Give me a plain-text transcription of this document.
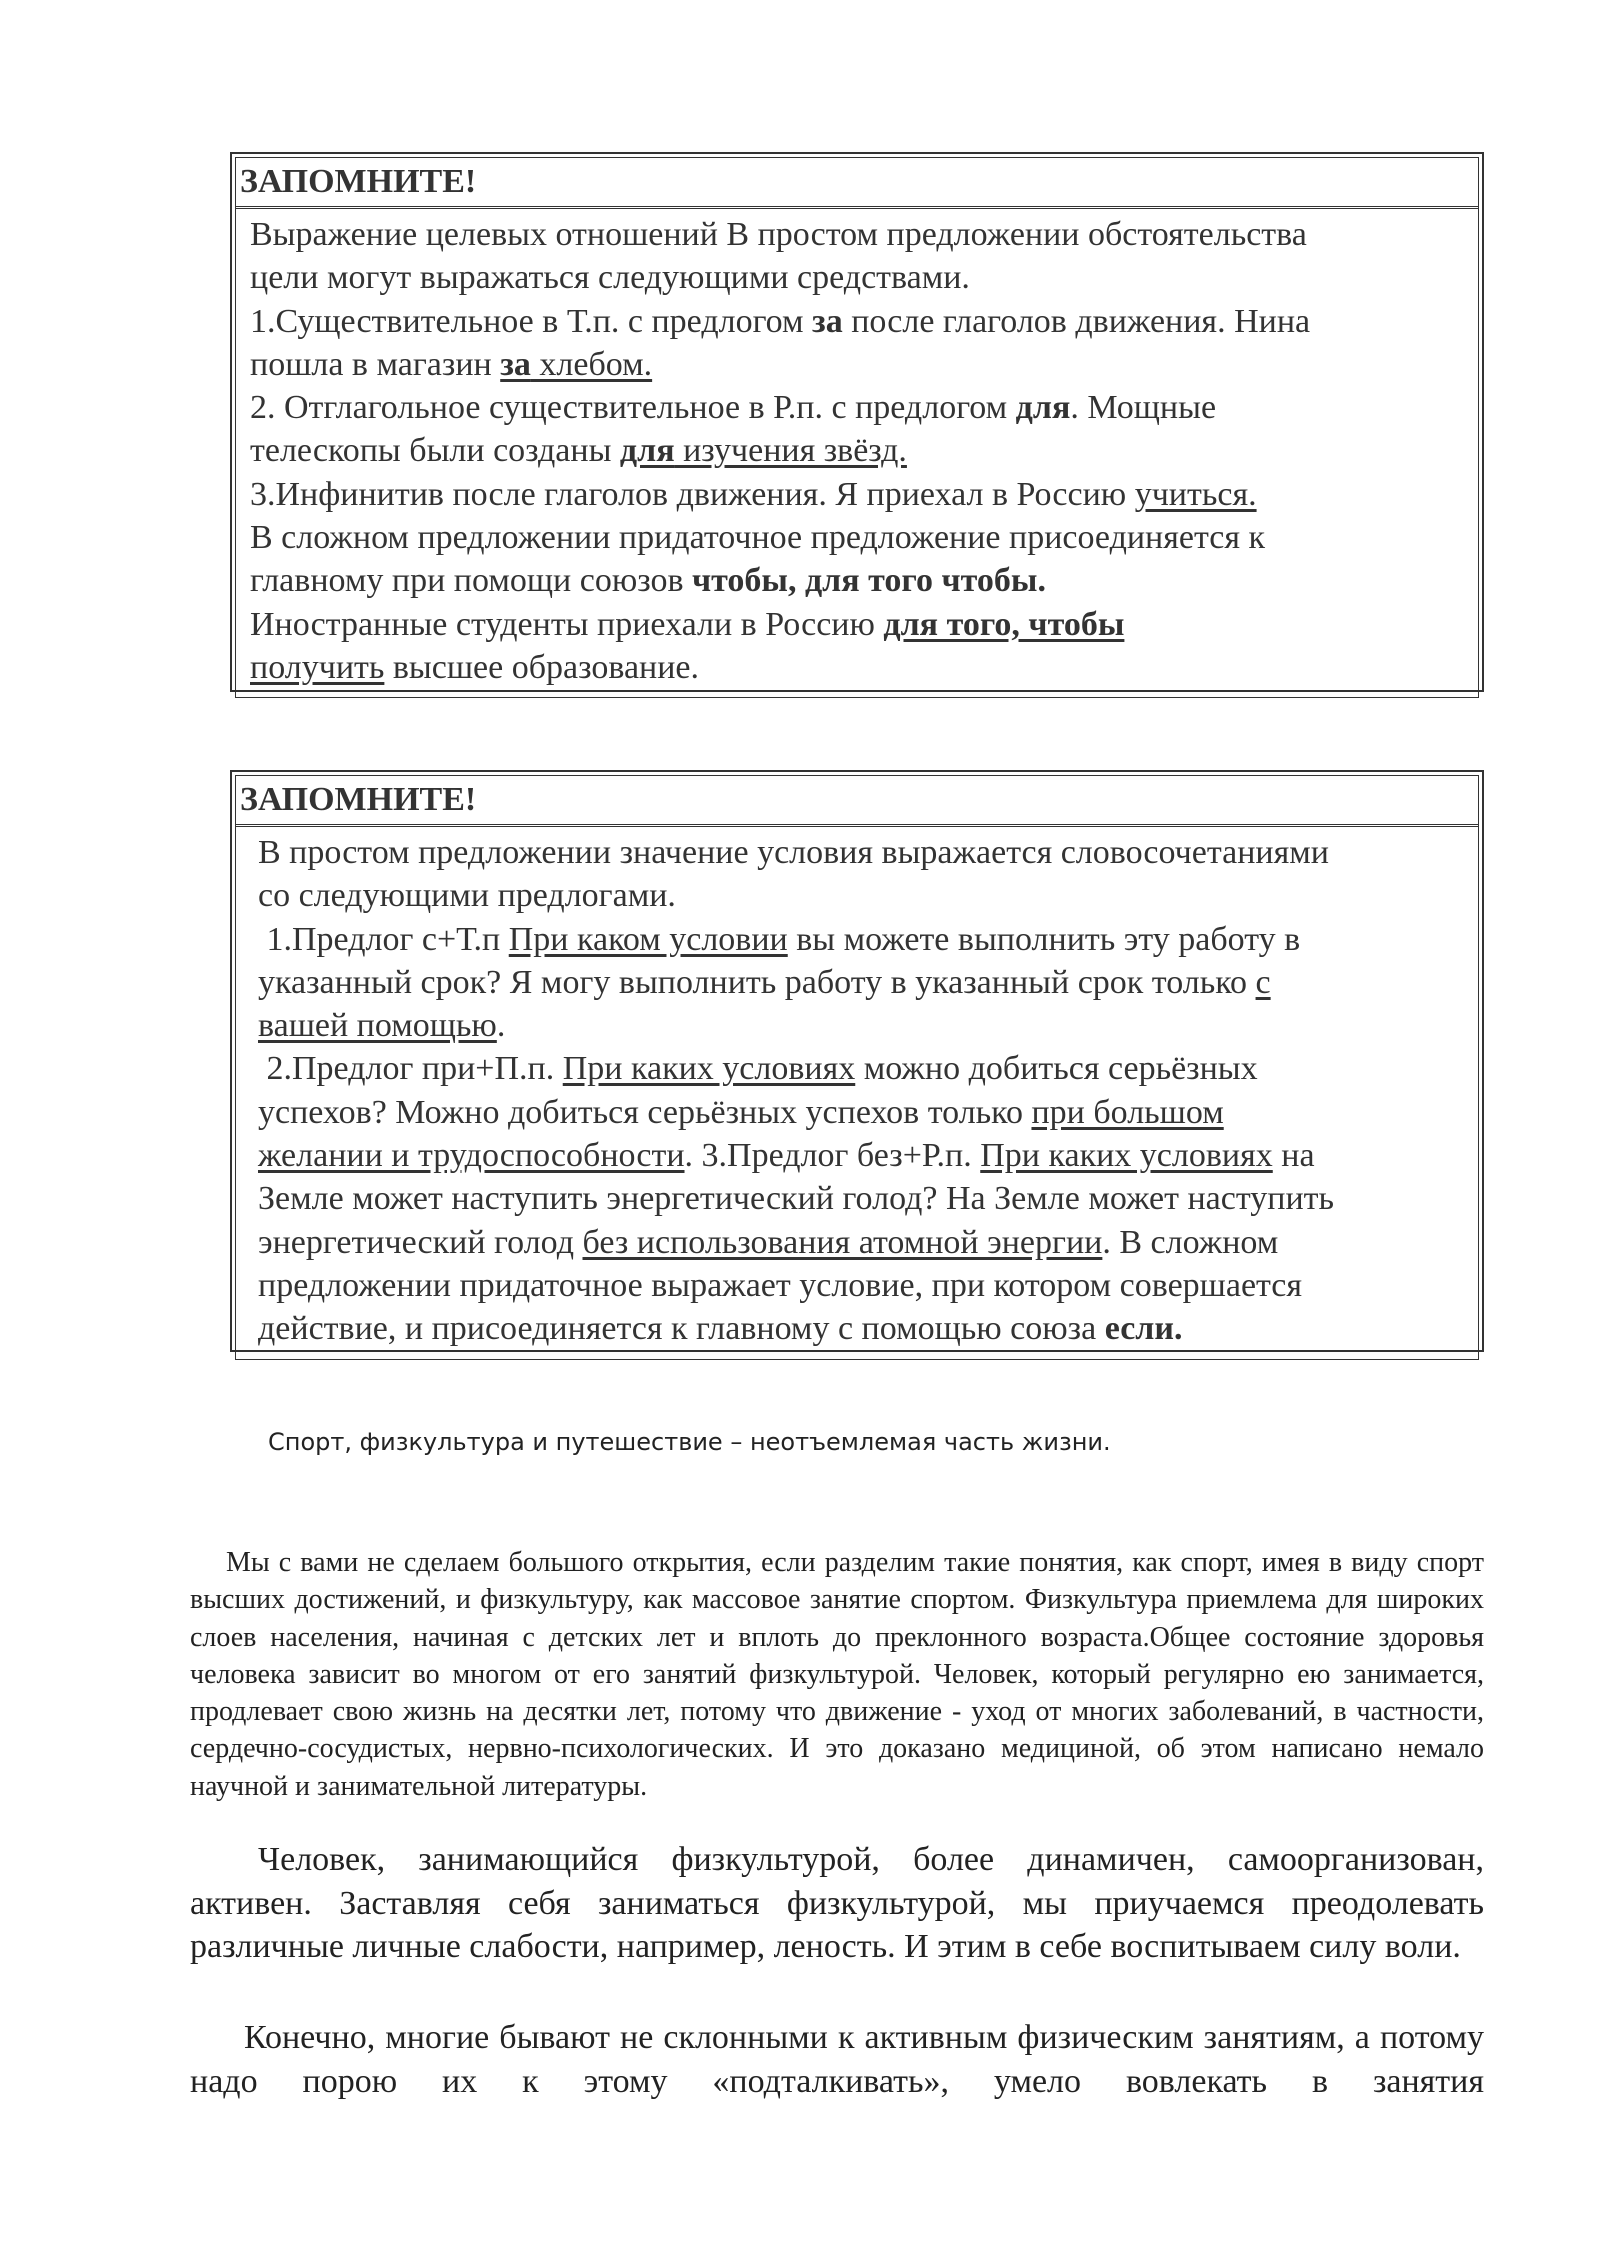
ЗАПОМНИТЕ!
Выражение целевых отношений В простом предложении обстоятельства
цели могут выражаться следующими средствами.
1.Существительное в Т.п. с предлогом за после глаголов движения. Нина
пошла в магазин за хлебом.
2. Отглагольное существительное в Р.п. с предлогом для. Мощные
телескопы были созданы для изучения звёзд.
3.Инфинитив после глаголов движения. Я приехал в Россию учиться.
В сложном предложении придаточное предложение присоединяется к
главному при помощи союзов чтобы, для того чтобы.
Иностранные студенты приехали в Россию для того, чтобы
получить высшее образование.
ЗАПОМНИТЕ!
В простом предложении значение условия выражается словосочетаниями
со следующими предлогами.
1.Предлог с+Т.п При каком условии вы можете выполнить эту работу в
указанный срок? Я могу выполнить работу в указанный срок только с
вашей помощью.
2.Предлог при+П.п. При каких условиях можно добиться серьёзных
успехов? Можно добиться серьёзных успехов только при большом
желании и трудоспособности. 3.Предлог без+Р.п. При каких условиях на
Земле может наступить энергетический голод? На Земле может наступить
энергетический голод без использования атомной энергии. В сложном
предложении придаточное выражает условие, при котором совершается
действие, и присоединяется к главному с помощью союза если.
Спорт, физкультура и путешествие – неотъемлемая часть жизни.

Мы с вами не сделаем большого открытия, если разделим такие понятия, как спорт, имея в виду спорт высших достижений, и физкультуру, как массовое занятие спортом. Физкультура приемлема для широких слоев населения, начиная с детских лет и вплоть до преклонного возраста.Общее состояние здоровья человека зависит во многом от его занятий физкультурой. Человек, который регулярно ею занимается, продлевает свою жизнь на десятки лет, потому что движение - уход от многих заболеваний, в частности, сердечно-сосудистых, нервно-психологических. И это доказано медициной, об этом написано немало научной и занимательной литературы.

Человек, занимающийся физкультурой, более динамичен, самоорганизован, активен. Заставляя себя заниматься физкультурой, мы приучаемся преодолевать различные личные слабости, например, леность. И этим в себе воспитываем силу воли.

Конечно, многие бывают не склонными к активным физическим занятиям, а потому надо порою их к этому «подталкивать», умело вовлекать в занятия
